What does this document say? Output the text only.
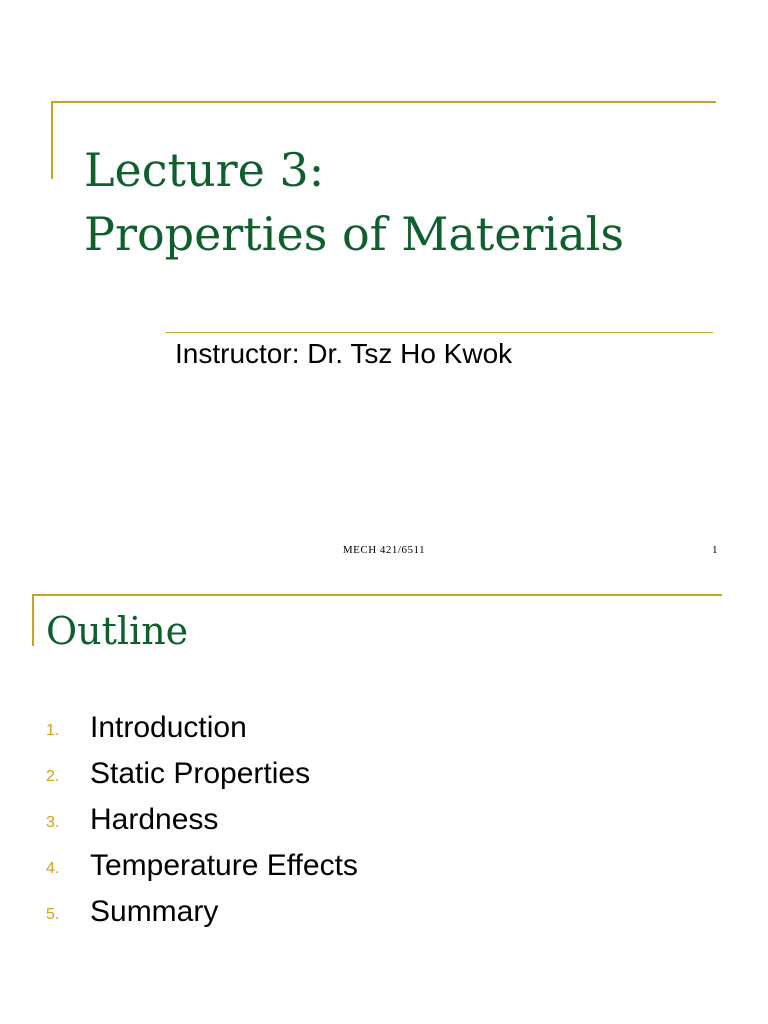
Lecture 3:
Properties of Materials
Instructor: Dr. Tsz Ho Kwok
MECH 421/6511	1
Outline
1. Introduction
2. Static Properties
3. Hardness
4. Temperature Effects
5. Summary
